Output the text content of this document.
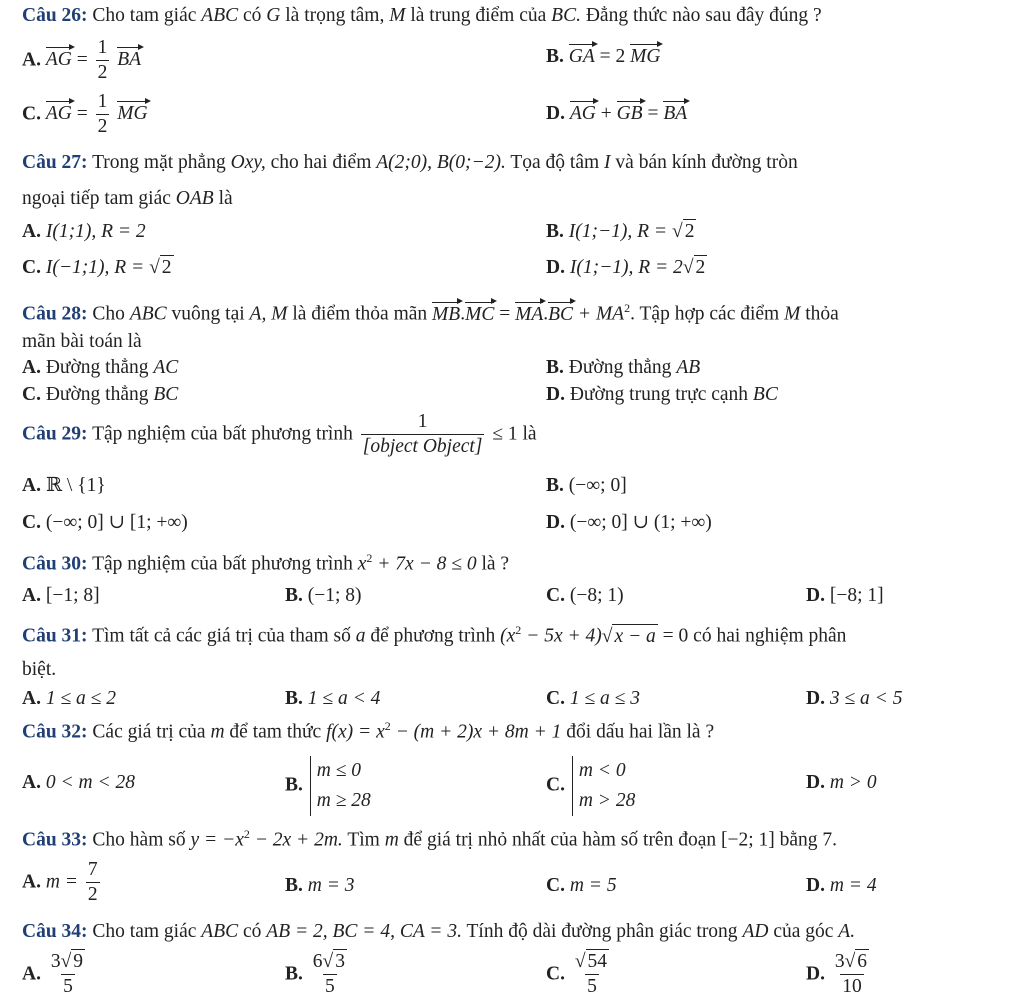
Câu 26: Cho tam giác ABC có G là trọng tâm, M là trung điểm của BC. Đẳng thức nào sau đây đúng ?
A. AG = $\frac{1}{2}$ BA	B. GA = 2 MG
C. AG = $\frac{1}{2}$ MG	D. AG + GB = BA
Câu 27: Trong mặt phẳng Oxy, cho hai điểm A(2;0), B(0;−2). Tọa độ tâm I và bán kính đường tròn
ngoại tiếp tam giác OAB là
A. I(1;1), R = 2	B. I(1;−1), R = √ 2
C. I(−1;1), R = √ 2	D. I(1;−1), R = 2√ 2
Câu 28: Cho ABC vuông tại A, M là điểm thỏa mãn $MB.MC = MA.BC + MA^2$. Tập hợp các điểm M thỏa
mãn bài toán là
A. Đường thẳng AC	B. Đường thẳng AB
C. Đường thẳng BC	D. Đường trung trực cạnh BC
Câu 29: Tập nghiệm của bất phương trình $\frac{1}{\text{[object Object]}} \le 1$ là
A. ℝ \ {1}	B. (−∞; 0]
C. (−∞; 0] ∪ [1; +∞)	D. (−∞; 0] ∪ (1; +∞)
Câu 30: Tập nghiệm của bất phương trình $x^2 + 7x - 8 \le 0$ là ?
A. [−1; 8]	B. (−1; 8)	C. (−8; 1)	D. [−8; 1]
Câu 31: Tìm tất cả các giá trị của tham số a để phương trình $(x^2 - 5x + 4)√$ x − a = 0 có hai nghiệm phân
biệt.
A. 1 ≤ a ≤ 2	B. 1 ≤ a < 4	C. 1 ≤ a ≤ 3	D. 3 ≤ a < 5
Câu 32: Các giá trị của m để tam thức $f(x) = x^2 - (m + 2)x + 8m + 1$ đổi dấu hai lần là ?
A. 0 < m < 28	B.
m ≤ 0
m ≥ 28
C.
m < 0
m > 28
D. m > 0
Câu 33: Cho hàm số $y = -x^2 - 2x + 2m$. Tìm m để giá trị nhỏ nhất của hàm số trên đoạn [−2; 1] bằng 7.
A. $m = \frac{7}{2}$	B. m = 3	C. m = 5	D. m = 4
Câu 34: Cho tam giác ABC có AB = 2, BC = 4, CA = 3. Tính độ dài đường phân giác trong AD của góc A.
A. $\frac{3√ 9}{5}$	B. $\frac{6√ 3}{5}$	C. $\frac{√ 54}{5}$	D. $\frac{3√ 6}{10}$
